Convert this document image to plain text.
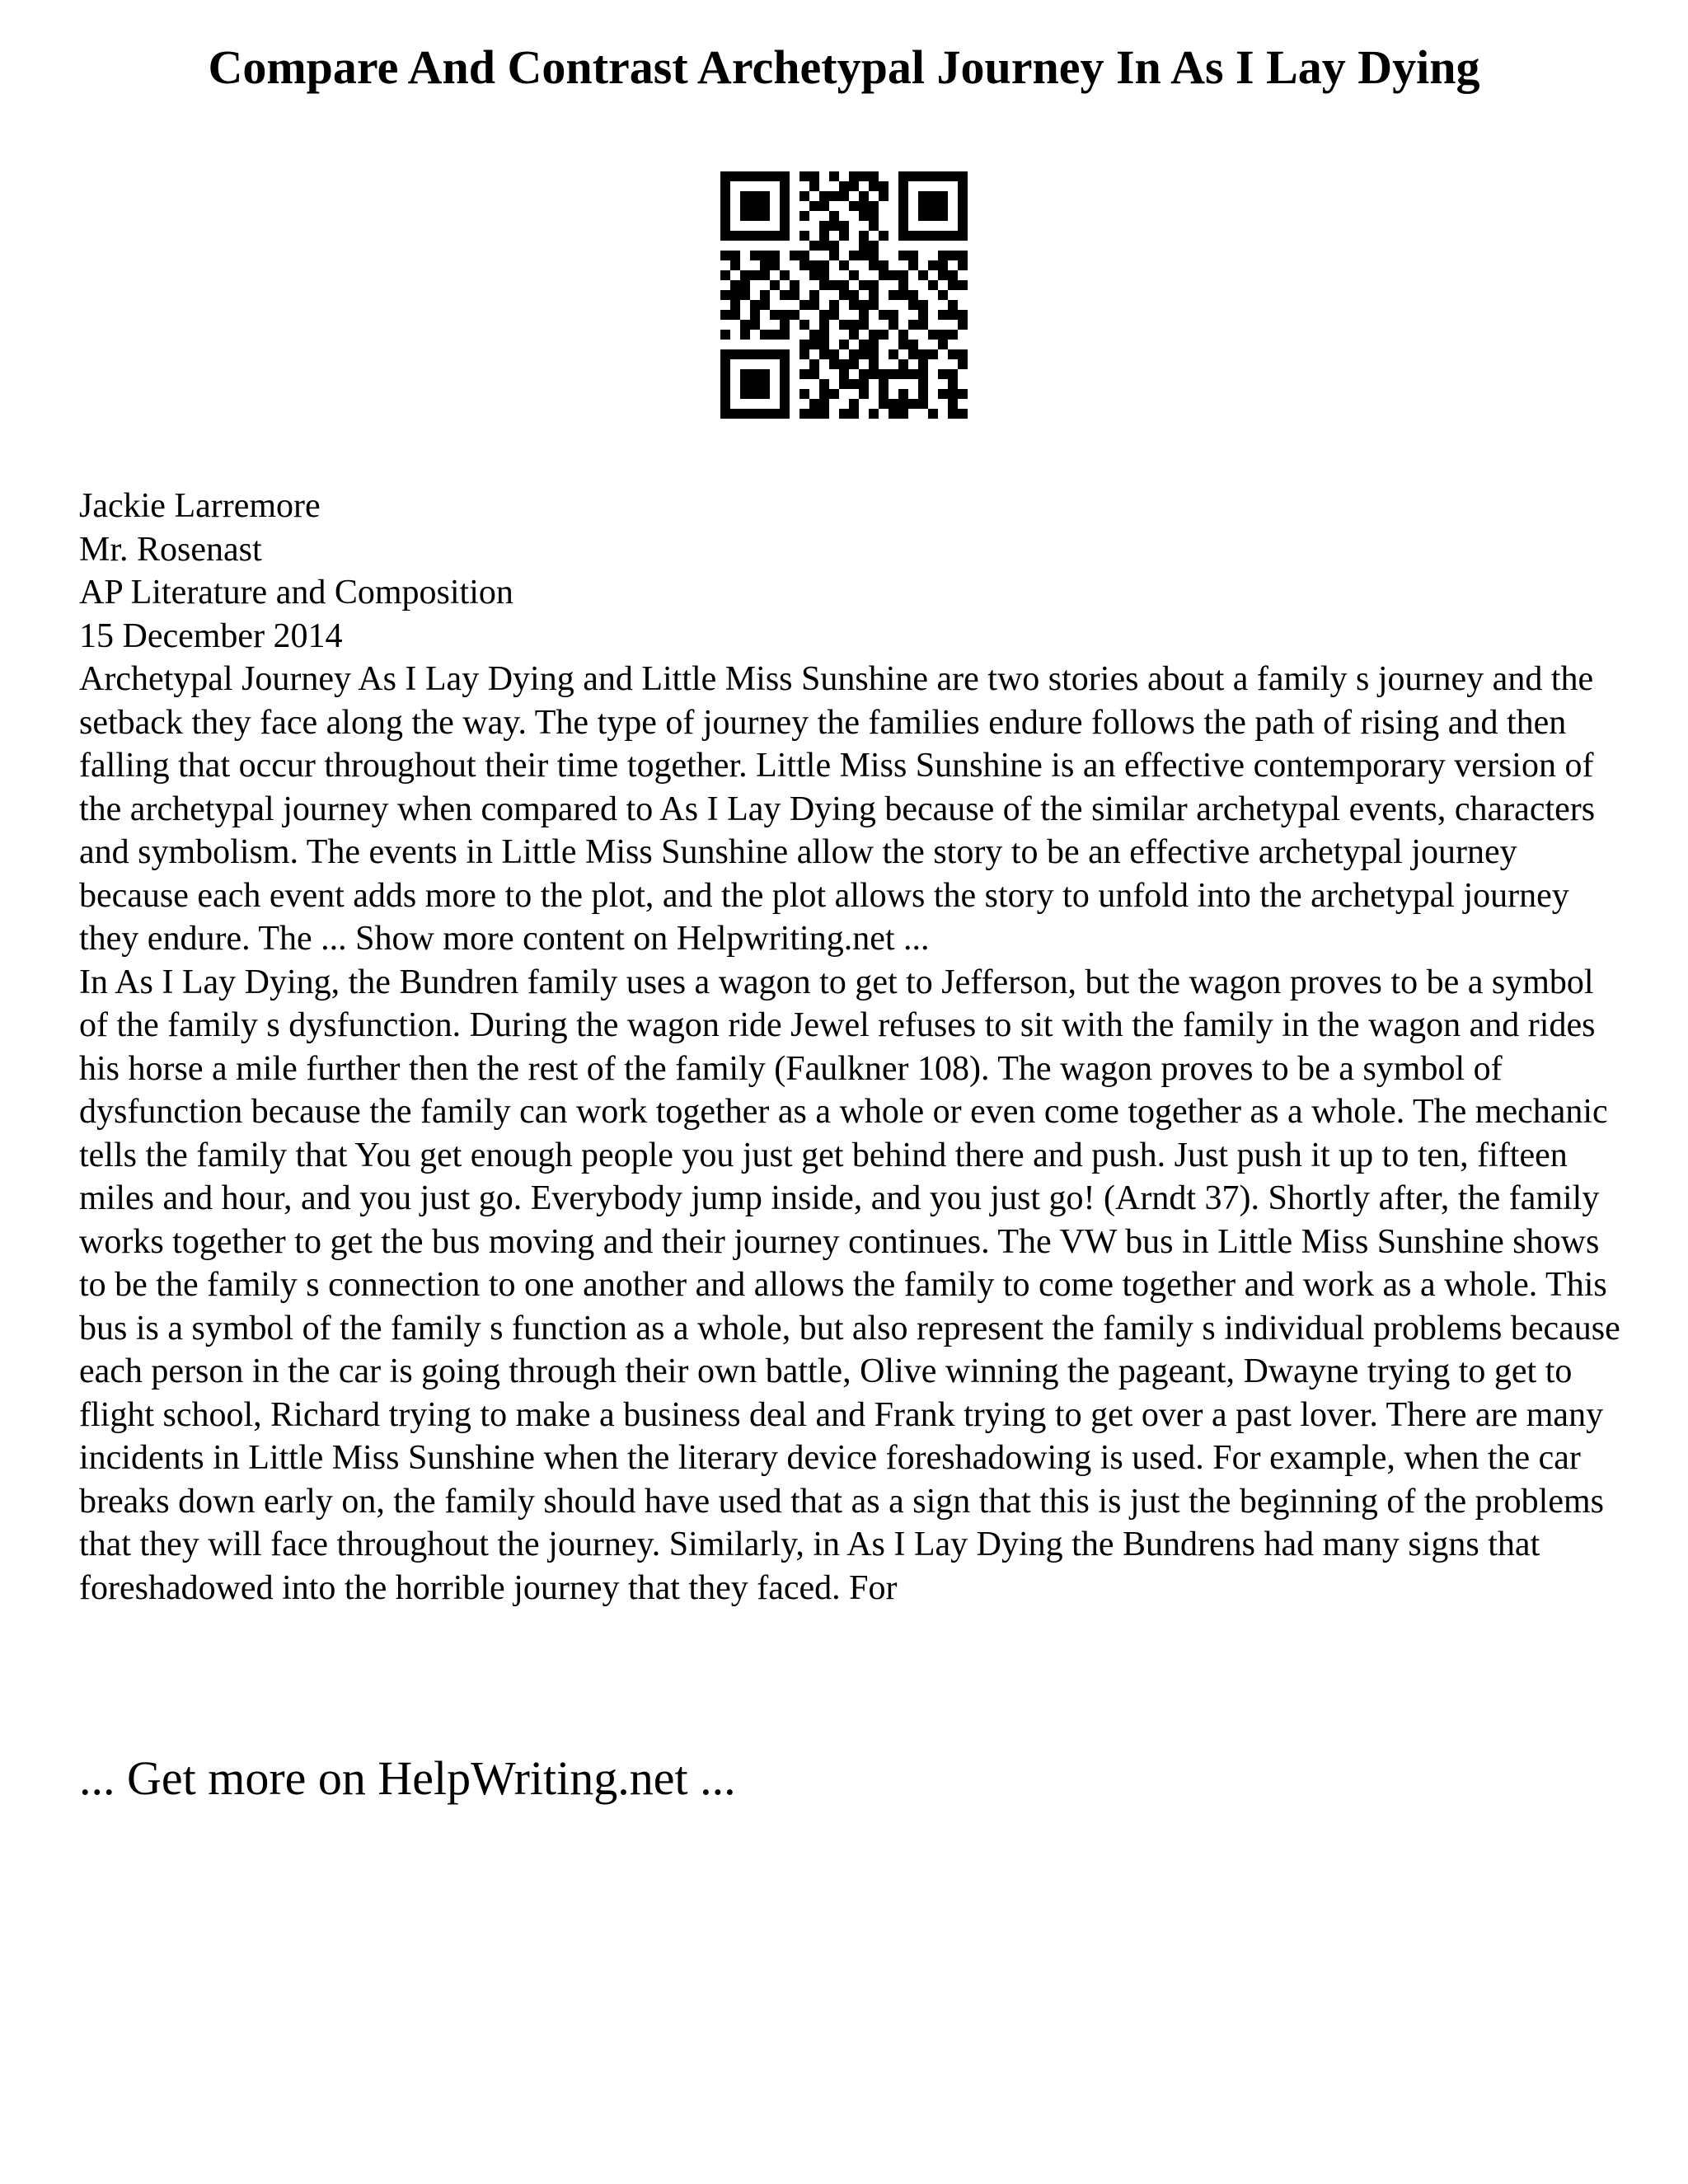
Compare And Contrast Archetypal Journey In As I Lay Dying

Jackie Larremore

Mr. Rosenast

AP Literature and Composition

15 December 2014

Archetypal Journey As I Lay Dying and Little Miss Sunshine are two stories about a family s journey and the setback they face along the way. The type of journey the families endure follows the path of rising and then falling that occur throughout their time together. Little Miss Sunshine is an effective contemporary version of the archetypal journey when compared to As I Lay Dying because of the similar archetypal events, characters and symbolism. The events in Little Miss Sunshine allow the story to be an effective archetypal journey because each event adds more to the plot, and the plot allows the story to unfold into the archetypal journey they endure. The ... Show more content on Helpwriting.net ...

In As I Lay Dying, the Bundren family uses a wagon to get to Jefferson, but the wagon proves to be a symbol of the family s dysfunction. During the wagon ride Jewel refuses to sit with the family in the wagon and rides his horse a mile further then the rest of the family (Faulkner 108). The wagon proves to be a symbol of dysfunction because the family can work together as a whole or even come together as a whole. The mechanic tells the family that You get enough people you just get behind there and push. Just push it up to ten, fifteen miles and hour, and you just go. Everybody jump inside, and you just go! (Arndt 37). Shortly after, the family works together to get the bus moving and their journey continues. The VW bus in Little Miss Sunshine shows to be the family s connection to one another and allows the family to come together and work as a whole. This bus is a symbol of the family s function as a whole, but also represent the family s individual problems because each person in the car is going through their own battle, Olive winning the pageant, Dwayne trying to get to flight school, Richard trying to make a business deal and Frank trying to get over a past lover. There are many incidents in Little Miss Sunshine when the literary device foreshadowing is used. For example, when the car breaks down early on, the family should have used that as a sign that this is just the beginning of the problems that they will face throughout the journey. Similarly, in As I Lay Dying the Bundrens had many signs that foreshadowed into the horrible journey that they faced. For

... Get more on HelpWriting.net ...
